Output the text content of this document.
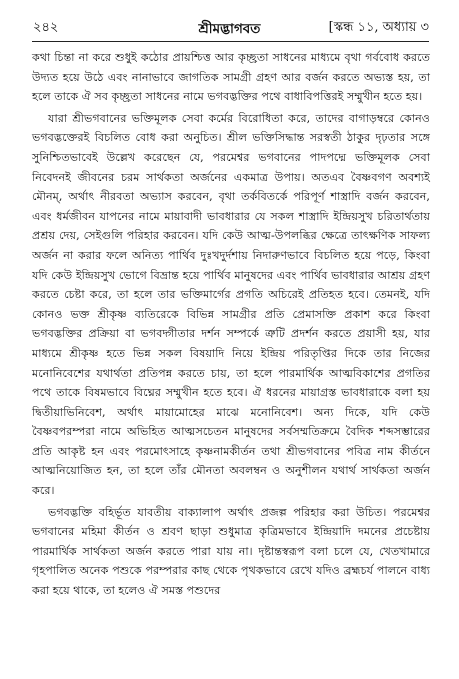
২৪২	শ্রীমদ্ভাগবত	[স্কন্ধ ১১, অধ্যায় ৩

কথা চিন্তা না করে শুধুই কঠোর প্রায়শ্চিত্ত আর কৃচ্ছ্রতা সাধনের মাধ্যমে বৃথা গর্ববোধ করতে উদ্যত হয়ে উঠে এবং নানাভাবে জাগতিক সামগ্রী গ্রহণ আর বর্জন করতে অভ্যস্ত হয়, তা হলে তাকে ঐ সব কৃচ্ছ্রতা সাধনের নামে ভগবদ্ভক্তির পথে বাধাবিপত্তিরই সম্মুখীন হতে হয়।

যারা শ্রীভগবানের ভক্তিমূলক সেবা কর্মের বিরোধিতা করে, তাদের বাগাড়ম্বরে কোনও ভগবদ্ভক্তেরই বিচলিত বোধ করা অনুচিত। শ্রীল ভক্তিসিদ্ধান্ত সরস্বতী ঠাকুর দৃঢ়তার সঙ্গে সুনিশ্চিতভাবেই উল্লেখ করেছেন যে, পরমেশ্বর ভগবানের পাদপদ্মে ভক্তিমূলক সেবা নিবেদনই জীবনের চরম সার্থকতা অর্জনের একমাত্র উপায়। অতএব বৈষ্ণবগণ অবশ্যই মৌনম্, অর্থাৎ নীরবতা অভ্যাস করবেন, বৃথা তর্কবিতর্কে পরিপূর্ণ শাস্ত্রাদি বর্জন করবেন, এবং ধর্মজীবন যাপনের নামে মায়াবাদী ভাবধারার যে সকল শাস্ত্রাদি ইন্দ্রিয়সুখ চরিতার্থতায় প্রশ্রয় দেয়, সেইগুলি পরিহার করবেন। যদি কেউ আত্ম-উপলব্ধির ক্ষেত্রে তাৎক্ষণিক সাফল্য অর্জন না করার ফলে অনিত্য পার্থিব দুঃখদুর্দশায় নিদারুণভাবে বিচলিত হয়ে পড়ে, কিংবা যদি কেউ ইন্দ্রিয়সুখ ভোগে বিভ্রান্ত হয়ে পার্থিব মানুষদের এবং পার্থিব ভাবধারার আশ্রয় গ্রহণ করতে চেষ্টা করে, তা হলে তার ভক্তিমার্গের প্রগতি অচিরেই প্রতিহত হবে। তেমনই, যদি কোনও ভক্ত শ্রীকৃষ্ণ ব্যতিরেকে বিভিন্ন সামগ্রীর প্রতি প্রেমাসক্তি প্রকাশ করে কিংবা ভগবদ্ভক্তির প্রক্রিয়া বা ভগবদ্গীতার দর্শন সম্পর্কে ত্রুটি প্রদর্শন করতে প্রয়াসী হয়, যার মাধ্যমে শ্রীকৃষ্ণ হতে ভিন্ন সকল বিষয়াদি নিয়ে ইন্দ্রিয় পরিতৃপ্তির দিকে তার নিজের মনোনিবেশের যথার্থতা প্রতিপন্ন করতে চায়, তা হলে পারমার্থিক আত্মবিকাশের প্রগতির পথে তাকে বিষমভাবে বিঘ্নের সম্মুখীন হতে হবে। ঐ ধরনের মায়াগ্রস্ত ভাবধারাকে বলা হয় দ্বিতীয়াভিনিবেশ, অর্থাৎ মায়ামোহের মাঝে মনোনিবেশ। অন্য দিকে, যদি কেউ বৈষ্ণবপরম্পরা নামে অভিহিত আত্মসচেতন মানুষদের সর্বসম্মতিক্রমে বৈদিক শব্দসম্ভারের প্রতি আকৃষ্ট হন এবং পরমোৎসাহে কৃষ্ণনামকীর্তন তথা শ্রীভগবানের পবিত্র নাম কীর্তনে আত্মনিয়োজিত হন, তা হলে তাঁর মৌনতা অবলম্বন ও অনুশীলন যথার্থ সার্থকতা অর্জন করে।

ভগবদ্ভক্তি বহির্ভূত যাবতীয় বাক্যালাপ অর্থাৎ প্রজল্প পরিহার করা উচিত। পরমেশ্বর ভগবানের মহিমা কীর্তন ও শ্রবণ ছাড়া শুধুমাত্র কৃত্রিমভাবে ইন্দ্রিয়াদি দমনের প্রচেষ্টায় পারমার্থিক সার্থকতা অর্জন করতে পারা যায় না। দৃষ্টান্তস্বরূপ বলা চলে যে, খেতখামারে গৃহপালিত অনেক পশুকে পরম্পরার কাছ থেকে পৃথকভাবে রেখে যদিও ব্রহ্মচর্য পালনে বাধ্য করা হয়ে থাকে, তা হলেও ঐ সমস্ত পশুদের
